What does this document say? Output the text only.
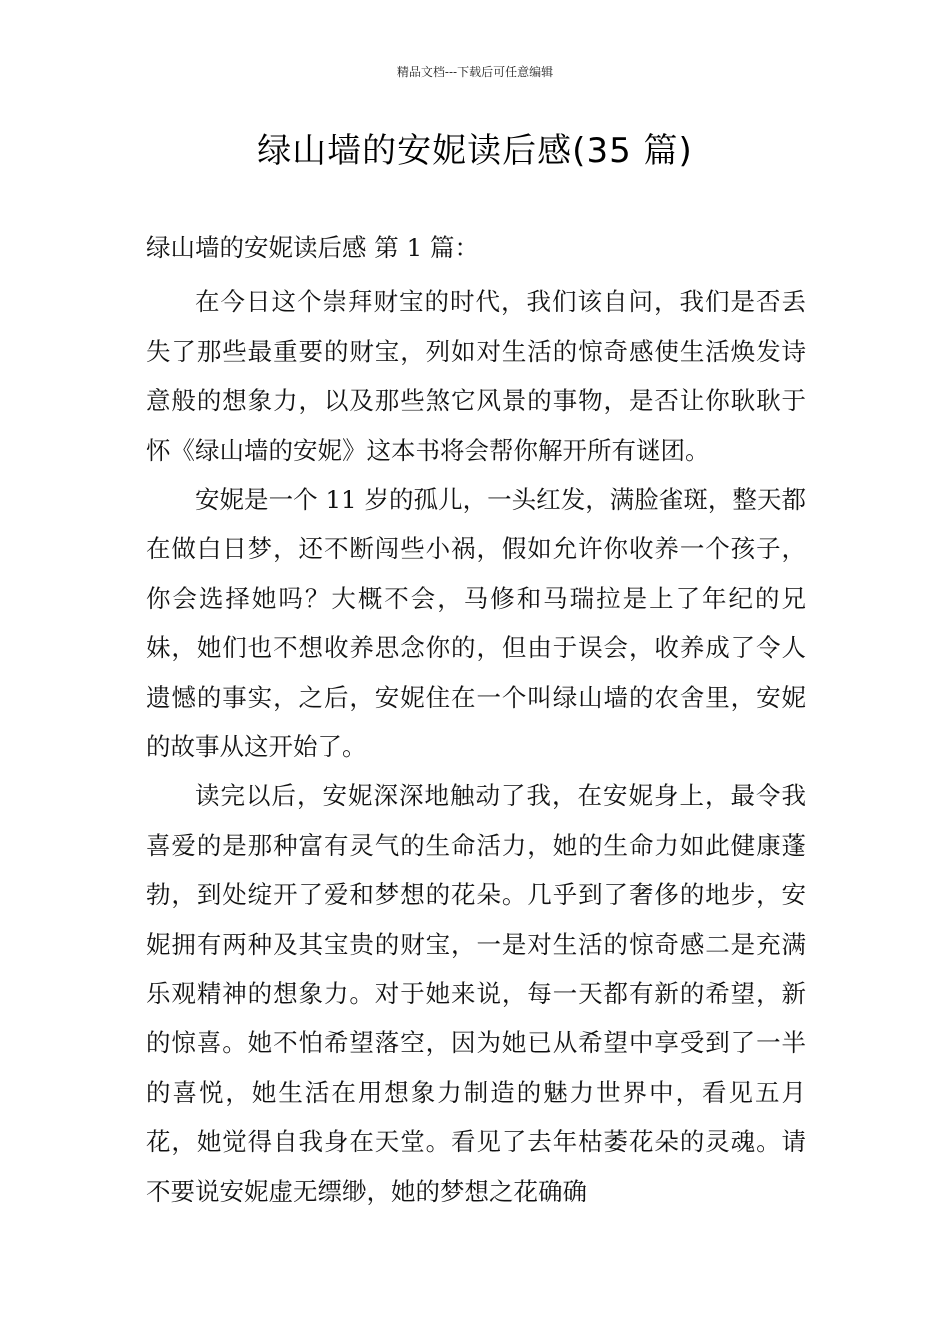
精品文档---下载后可任意编辑
绿山墙的安妮读后感(35 篇)
绿山墙的安妮读后感 第 1 篇：

在今日这个崇拜财宝的时代，我们该自问，我们是否丢失了那些最重要的财宝，列如对生活的惊奇感使生活焕发诗意般的想象力，以及那些煞它风景的事物，是否让你耿耿于怀《绿山墙的安妮》这本书将会帮你解开所有谜团。

安妮是一个 11 岁的孤儿，一头红发，满脸雀斑，整天都在做白日梦，还不断闯些小祸，假如允许你收养一个孩子，你会选择她吗？大概不会，马修和马瑞拉是上了年纪的兄妹，她们也不想收养思念你的，但由于误会，收养成了令人遗憾的事实，之后，安妮住在一个叫绿山墙的农舍里，安妮的故事从这开始了。

读完以后，安妮深深地触动了我，在安妮身上，最令我喜爱的是那种富有灵气的生命活力，她的生命力如此健康蓬勃，到处绽开了爱和梦想的花朵。几乎到了奢侈的地步，安妮拥有两种及其宝贵的财宝，一是对生活的惊奇感二是充满乐观精神的想象力。对于她来说，每一天都有新的希望，新的惊喜。她不怕希望落空，因为她已从希望中享受到了一半的喜悦，她生活在用想象力制造的魅力世界中，看见五月花，她觉得自我身在天堂。看见了去年枯萎花朵的灵魂。请不要说安妮虚无缥缈，她的梦想之花确确
